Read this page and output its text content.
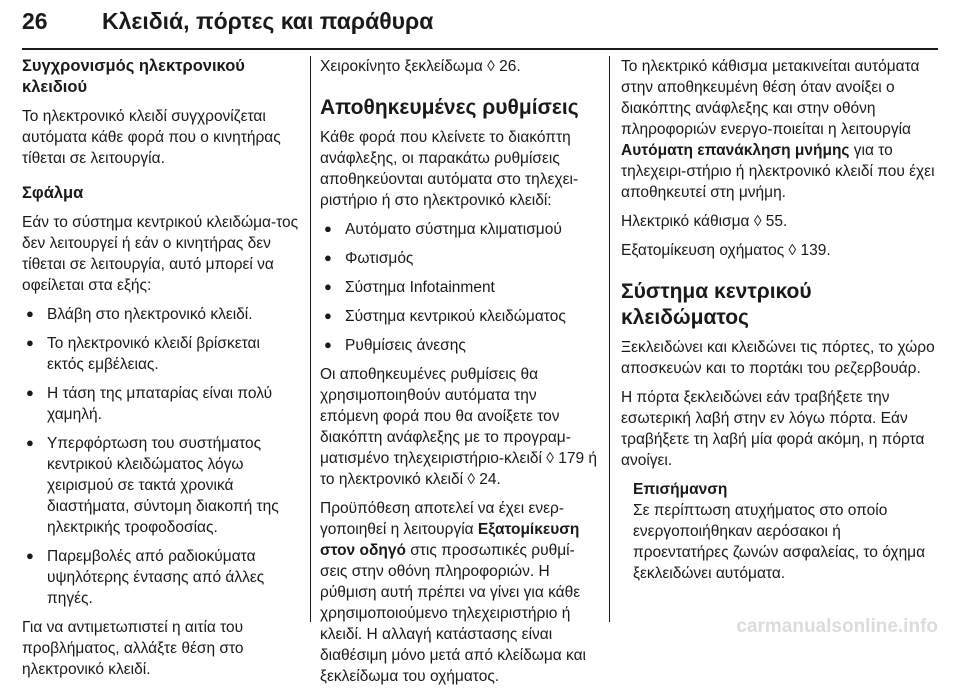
26 Κλειδιά, πόρτες και παράθυρα
Συγχρονισμός ηλεκτρονικού κλειδιού

Το ηλεκτρονικό κλειδί συγχρονίζεται αυτόματα κάθε φορά που ο κινητήρας τίθεται σε λειτουργία.

Σφάλμα

Εάν το σύστημα κεντρικού κλειδώμα-τος δεν λειτουργεί ή εάν ο κινητήρας δεν τίθεται σε λειτουργία, αυτό μπορεί να οφείλεται στα εξής:

● Βλάβη στο ηλεκτρονικό κλειδί.
● Το ηλεκτρονικό κλειδί βρίσκεται εκτός εμβέλειας.
● Η τάση της μπαταρίας είναι πολύ χαμηλή.
● Υπερφόρτωση του συστήματος κεντρικού κλειδώματος λόγω χειρισμού σε τακτά χρονικά διαστήματα, σύντομη διακοπή της ηλεκτρικής τροφοδοσίας.
● Παρεμβολές από ραδιοκύματα υψηλότερης έντασης από άλλες πηγές.

Για να αντιμετωπιστεί η αιτία του προβλήματος, αλλάξτε θέση στο ηλεκτρονικό κλειδί.

Χειροκίνητο ξεκλείδωμα ◊ 26.

Αποθηκευμένες ρυθμίσεις

Κάθε φορά που κλείνετε το διακόπτη ανάφλεξης, οι παρακάτω ρυθμίσεις αποθηκεύονται αυτόματα στο τηλεχει-ριστήριο ή στο ηλεκτρονικό κλειδί:

● Αυτόματο σύστημα κλιματισμού
● Φωτισμός
● Σύστημα Infotainment
● Σύστημα κεντρικού κλειδώματος
● Ρυθμίσεις άνεσης

Οι αποθηκευμένες ρυθμίσεις θα χρησιμοποιηθούν αυτόματα την επόμενη φορά που θα ανοίξετε τον διακόπτη ανάφλεξης με το προγραμ-ματισμένο τηλεχειριστήριο-κλειδί ◊ 179 ή το ηλεκτρονικό κλειδί ◊ 24.

Προϋπόθεση αποτελεί να έχει ενερ-γοποιηθεί η λειτουργία Εξατομίκευση στον οδηγό στις προσωπικές ρυθμί-σεις στην οθόνη πληροφοριών. Η ρύθμιση αυτή πρέπει να γίνει για κάθε χρησιμοποιούμενο τηλεχειριστήριο ή κλειδί. Η αλλαγή κατάστασης είναι διαθέσιμη μόνο μετά από κλείδωμα και ξεκλείδωμα του οχήματος.

Το ηλεκτρικό κάθισμα μετακινείται αυτόματα στην αποθηκευμένη θέση όταν ανοίξει ο διακόπτης ανάφλεξης και στην οθόνη πληροφοριών ενεργο-ποιείται η λειτουργία Αυτόματη επανάκληση μνήμης για το τηλεχειρι-στήριο ή ηλεκτρονικό κλειδί που έχει αποθηκευτεί στη μνήμη.

Ηλεκτρικό κάθισμα ◊ 55.

Εξατομίκευση οχήματος ◊ 139.

Σύστημα κεντρικού κλειδώματος

Ξεκλειδώνει και κλειδώνει τις πόρτες, το χώρο αποσκευών και το πορτάκι του ρεζερβουάρ.

Η πόρτα ξεκλειδώνει εάν τραβήξετε την εσωτερική λαβή στην εν λόγω πόρτα. Εάν τραβήξετε τη λαβή μία φορά ακόμη, η πόρτα ανοίγει.

Επισήμανση
Σε περίπτωση ατυχήματος στο οποίο ενεργοποιήθηκαν αερόσακοι ή προεντατήρες ζωνών ασφαλείας, το όχημα ξεκλειδώνει αυτόματα.
carmanualsonline.info
